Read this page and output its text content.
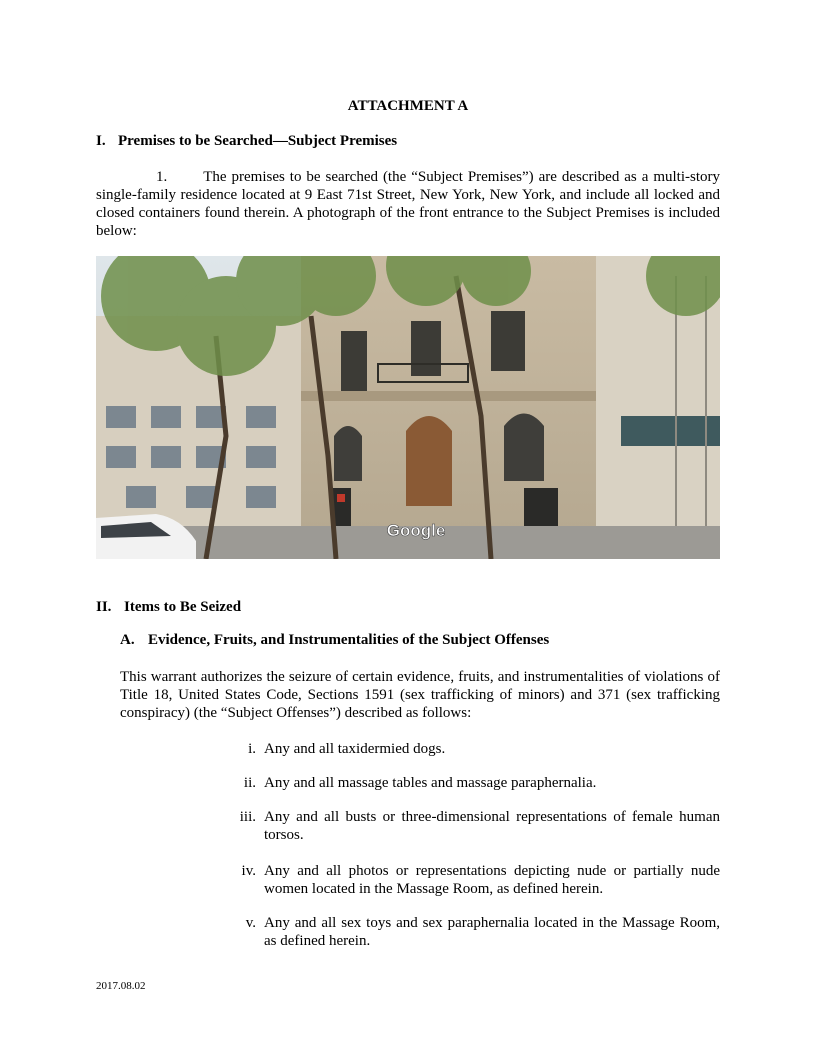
ATTACHMENT A
I. Premises to be Searched—Subject Premises
1. The premises to be searched (the “Subject Premises”) are described as a multi-story single-family residence located at 9 East 71st Street, New York, New York, and include all locked and closed containers found therein. A photograph of the front entrance to the Subject Premises is included below:
Google
II. Items to Be Seized
A. Evidence, Fruits, and Instrumentalities of the Subject Offenses
This warrant authorizes the seizure of certain evidence, fruits, and instrumentalities of violations of Title 18, United States Code, Sections 1591 (sex trafficking of minors) and 371 (sex trafficking conspiracy) (the “Subject Offenses”) described as follows:
i. Any and all taxidermied dogs.
ii. Any and all massage tables and massage paraphernalia.
iii. Any and all busts or three-dimensional representations of female human torsos.
iv. Any and all photos or representations depicting nude or partially nude women located in the Massage Room, as defined herein.
v. Any and all sex toys and sex paraphernalia located in the Massage Room, as defined herein.
2017.08.02
